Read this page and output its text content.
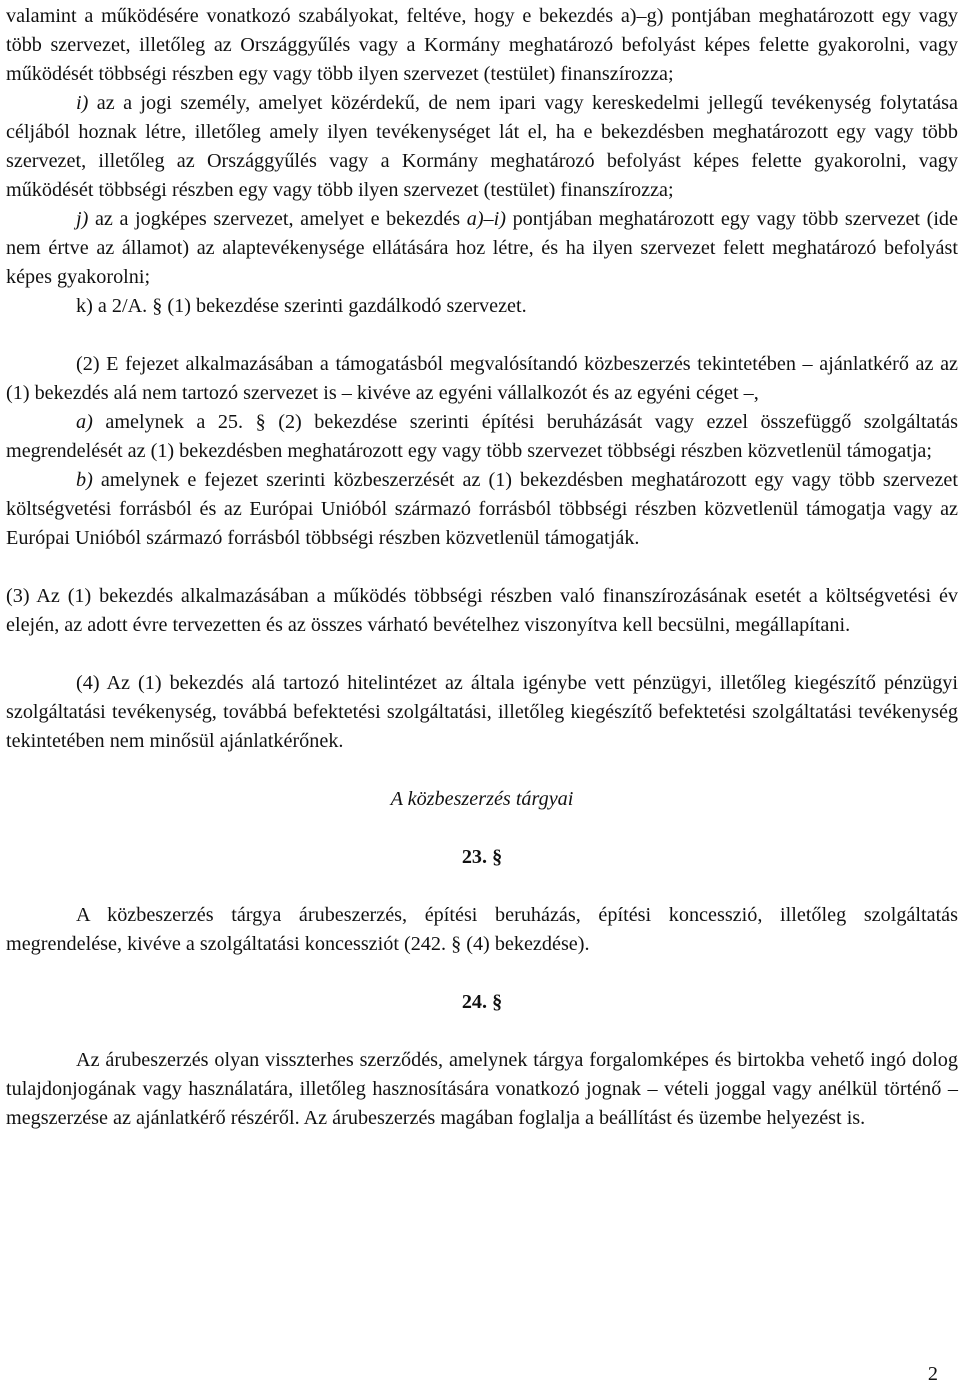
valamint a működésére vonatkozó szabályokat, feltéve, hogy e bekezdés a)–g) pontjában meghatározott egy vagy több szervezet, illetőleg az Országgyűlés vagy a Kormány meghatározó befolyást képes felette gyakorolni, vagy működését többségi részben egy vagy több ilyen szervezet (testület) finanszírozza;

i) az a jogi személy, amelyet közérdekű, de nem ipari vagy kereskedelmi jellegű tevékenység folytatása céljából hoznak létre, illetőleg amely ilyen tevékenységet lát el, ha e bekezdésben meghatározott egy vagy több szervezet, illetőleg az Országgyűlés vagy a Kormány meghatározó befolyást képes felette gyakorolni, vagy működését többségi részben egy vagy több ilyen szervezet (testület) finanszírozza;

j) az a jogképes szervezet, amelyet e bekezdés a)–i) pontjában meghatározott egy vagy több szervezet (ide nem értve az államot) az alaptevékenysége ellátására hoz létre, és ha ilyen szervezet felett meghatározó befolyást képes gyakorolni;

k) a 2/A. § (1) bekezdése szerinti gazdálkodó szervezet.

(2) E fejezet alkalmazásában a támogatásból megvalósítandó közbeszerzés tekintetében – ajánlatkérő az az (1) bekezdés alá nem tartozó szervezet is – kivéve az egyéni vállalkozót és az egyéni céget –,

a) amelynek a 25. § (2) bekezdése szerinti építési beruházását vagy ezzel összefüggő szolgáltatás megrendelését az (1) bekezdésben meghatározott egy vagy több szervezet többségi részben közvetlenül támogatja;

b) amelynek e fejezet szerinti közbeszerzését az (1) bekezdésben meghatározott egy vagy több szervezet költségvetési forrásból és az Európai Unióból származó forrásból többségi részben közvetlenül támogatja vagy az Európai Unióból származó forrásból többségi részben közvetlenül támogatják.

(3) Az (1) bekezdés alkalmazásában a működés többségi részben való finanszírozásának esetét a költségvetési év elején, az adott évre tervezetten és az összes várható bevételhez viszonyítva kell becsülni, megállapítani.

(4) Az (1) bekezdés alá tartozó hitelintézet az általa igénybe vett pénzügyi, illetőleg kiegészítő pénzügyi szolgáltatási tevékenység, továbbá befektetési szolgáltatási, illetőleg kiegészítő befektetési szolgáltatási tevékenység tekintetében nem minősül ajánlatkérőnek.

A közbeszerzés tárgyai

23. §

A közbeszerzés tárgya árubeszerzés, építési beruházás, építési koncesszió, illetőleg szolgáltatás megrendelése, kivéve a szolgáltatási koncessziót (242. § (4) bekezdése).

24. §

Az árubeszerzés olyan visszterhes szerződés, amelynek tárgya forgalomképes és birtokba vehető ingó dolog tulajdonjogának vagy használatára, illetőleg hasznosítására vonatkozó jognak – vételi joggal vagy anélkül történő – megszerzése az ajánlatkérő részéről. Az árubeszerzés magában foglalja a beállítást és üzembe helyezést is.

2
